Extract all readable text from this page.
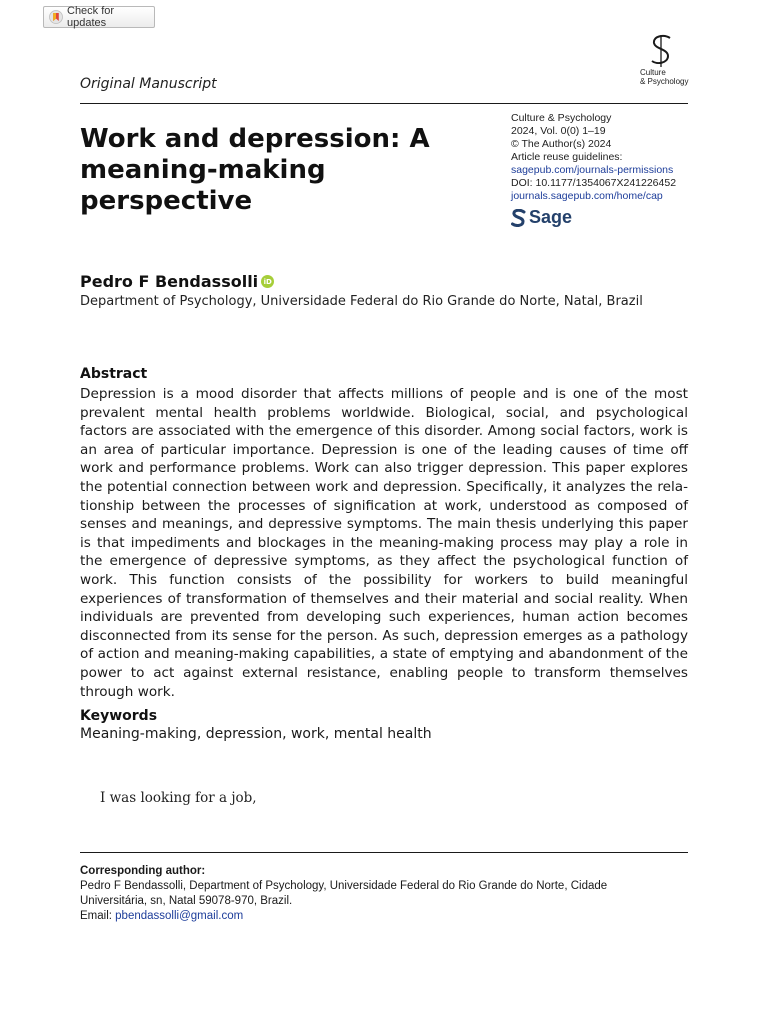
Check for updates
Culture
& Psychology
Original Manuscript
Work and depression: A meaning-making perspective
Culture & Psychology
2024, Vol. 0(0) 1–19
© The Author(s) 2024
Article reuse guidelines:
sagepub.com/journals-permissions
DOI: 10.1177/1354067X241226452
journals.sagepub.com/home/cap
Sage
Pedro F Bendassolli iD
Department of Psychology, Universidade Federal do Rio Grande do Norte, Natal, Brazil
Abstract

Depression is a mood disorder that affects millions of people and is one of the most prevalent mental health problems worldwide. Biological, social, and psychological factors are associated with the emergence of this disorder. Among social factors, work is an area of particular importance. Depression is one of the leading causes of time off work and performance problems. Work can also trigger depression. This paper explores the potential connection between work and depression. Specifically, it analyzes the relationship between the processes of signification at work, understood as composed of senses and meanings, and depressive symptoms. The main thesis underlying this paper is that impediments and blockages in the meaning-making process may play a role in the emergence of depressive symptoms, as they affect the psychological function of work. This function consists of the possibility for workers to build meaningful experiences of transformation of themselves and their material and social reality. When individuals are prevented from developing such experiences, human action becomes disconnected from its sense for the person. As such, depression emerges as a pathology of action and meaning-making capabilities, a state of emptying and abandonment of the power to act against external resistance, enabling people to transform themselves through work.

Keywords
Meaning-making, depression, work, mental health
I was looking for a job,
Corresponding author:
Pedro F Bendassolli, Department of Psychology, Universidade Federal do Rio Grande do Norte, Cidade
Universitária, sn, Natal 59078-970, Brazil.
Email: pbendassolli@gmail.com
